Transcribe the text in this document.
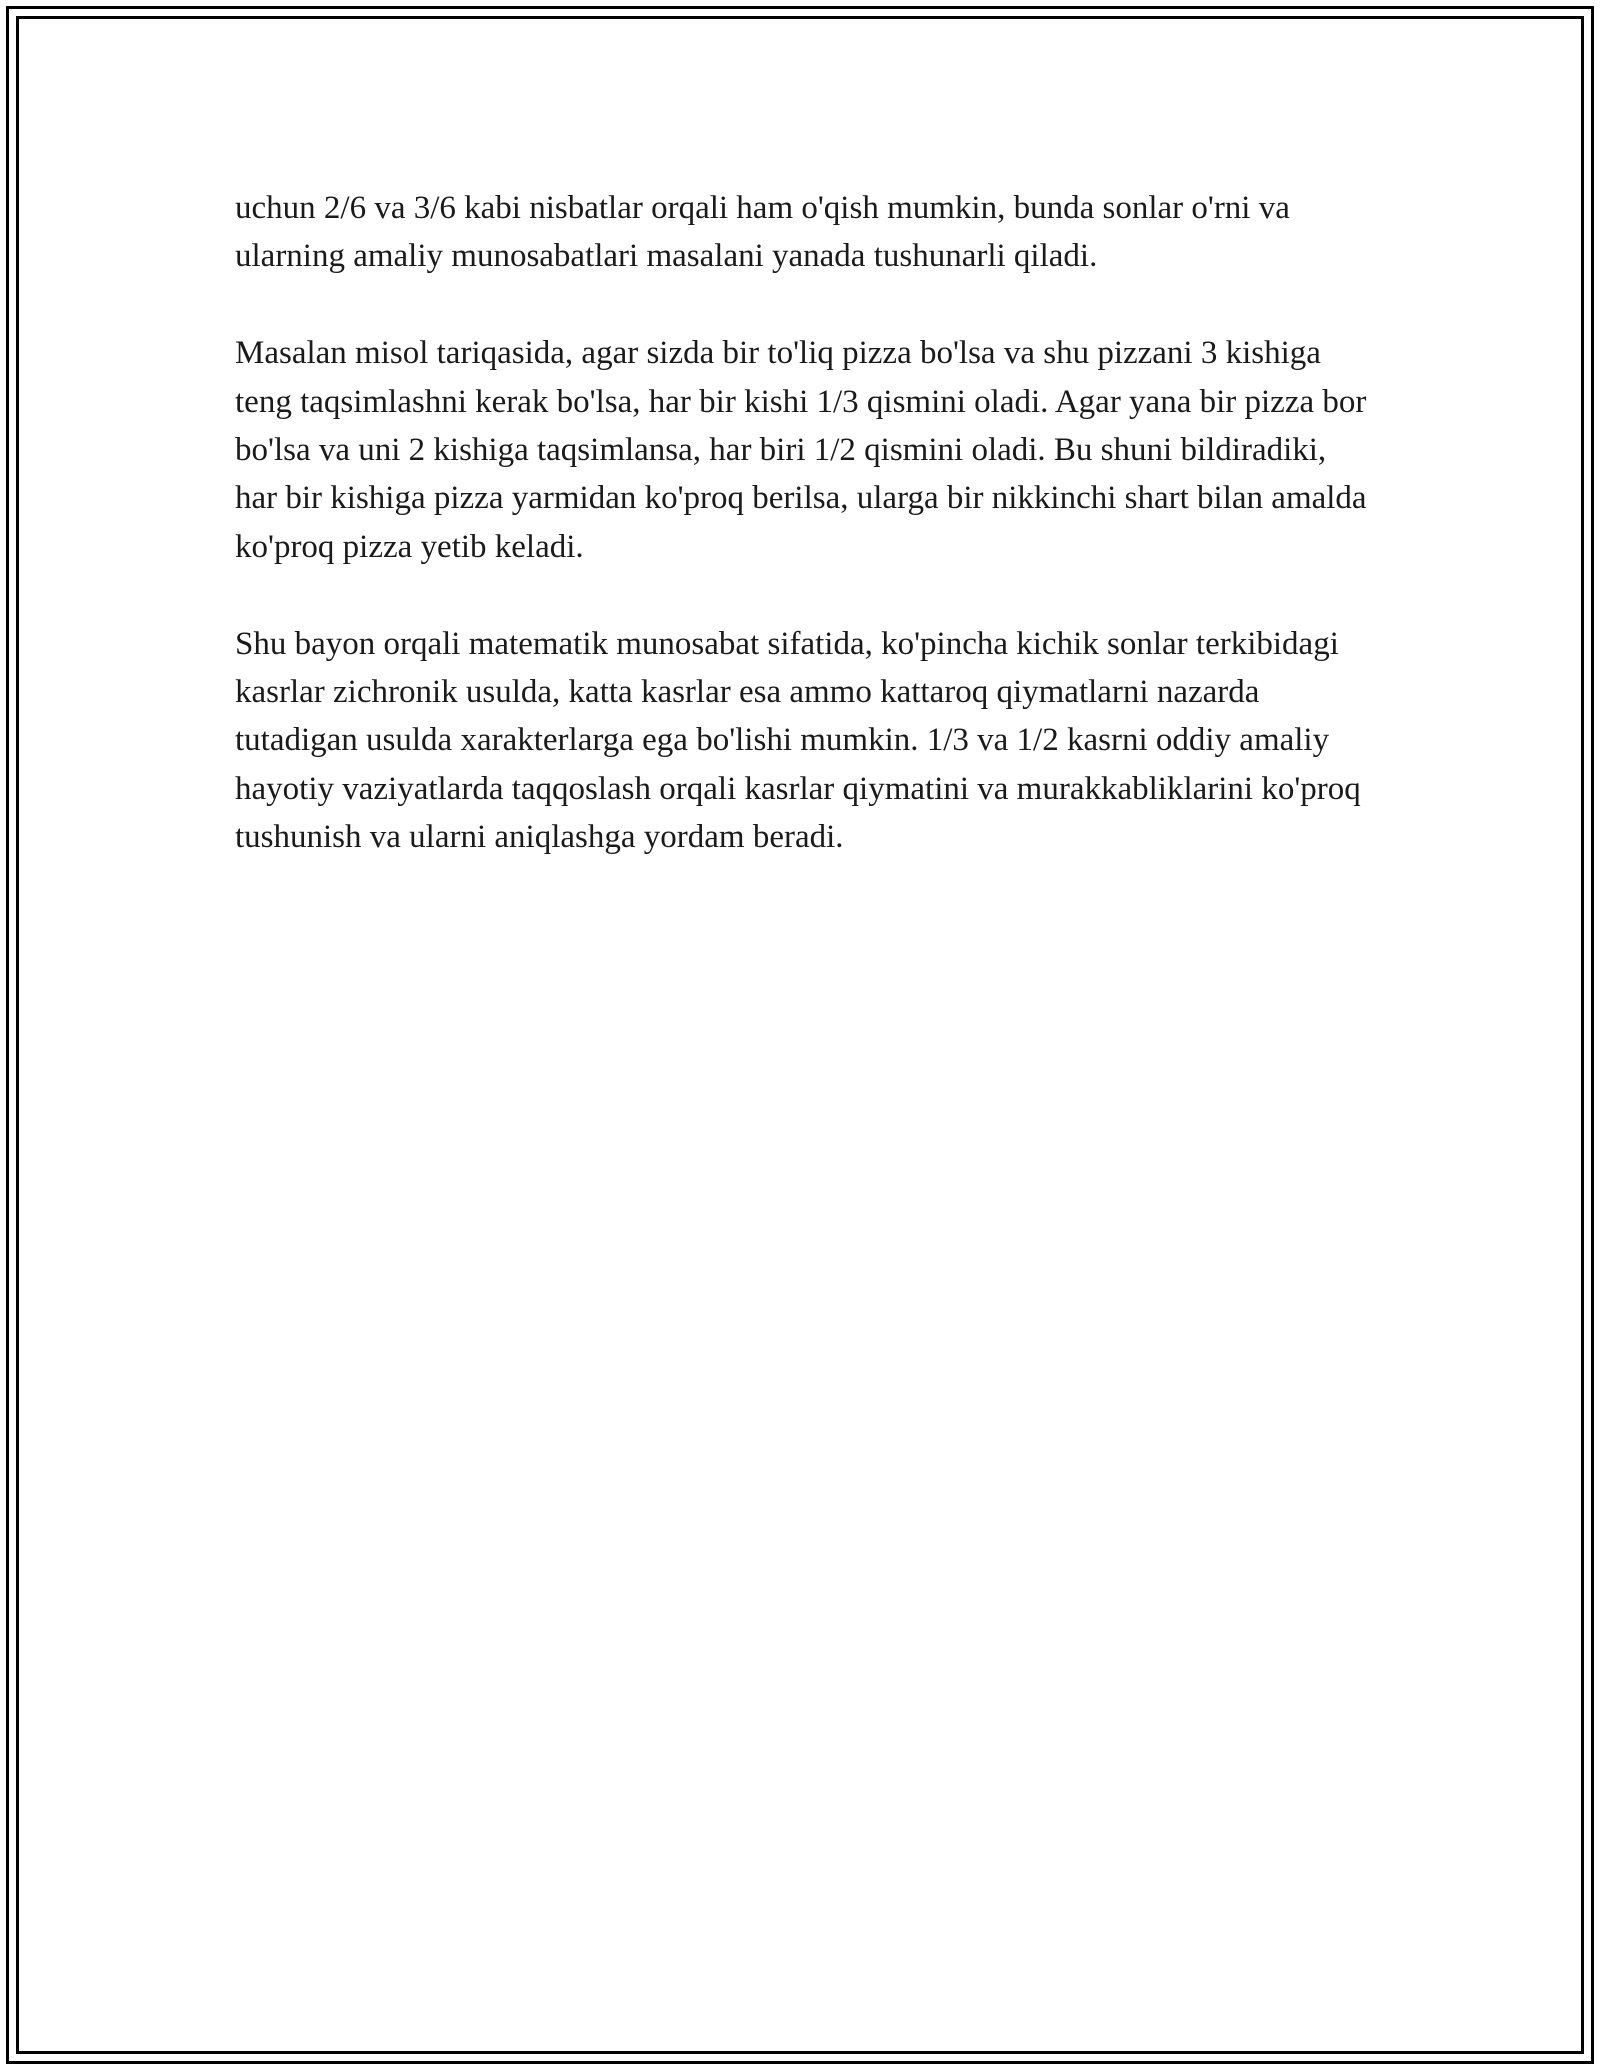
uchun 2/6 va 3/6 kabi nisbatlar orqali ham o'qish mumkin, bunda sonlar o'rni va ularning amaliy munosabatlari masalani yanada tushunarli qiladi.

Masalan misol tariqasida, agar sizda bir to'liq pizza bo'lsa va shu pizzani 3 kishiga teng taqsimlashni kerak bo'lsa, har bir kishi 1/3 qismini oladi. Agar yana bir pizza bor bo'lsa va uni 2 kishiga taqsimlansa, har biri 1/2 qismini oladi. Bu shuni bildiradiki, har bir kishiga pizza yarmidan ko'proq berilsa, ularga bir nikkinchi shart bilan amalda ko'proq pizza yetib keladi.

Shu bayon orqali matematik munosabat sifatida, ko'pincha kichik sonlar terkibidagi kasrlar zichronik usulda, katta kasrlar esa ammo kattaroq qiymatlarni nazarda tutadigan usulda xarakterlarga ega bo'lishi mumkin. 1/3 va 1/2 kasrni oddiy amaliy hayotiy vaziyatlarda taqqoslash orqali kasrlar qiymatini va murakkabliklarini ko'proq tushunish va ularni aniqlashga yordam beradi.
